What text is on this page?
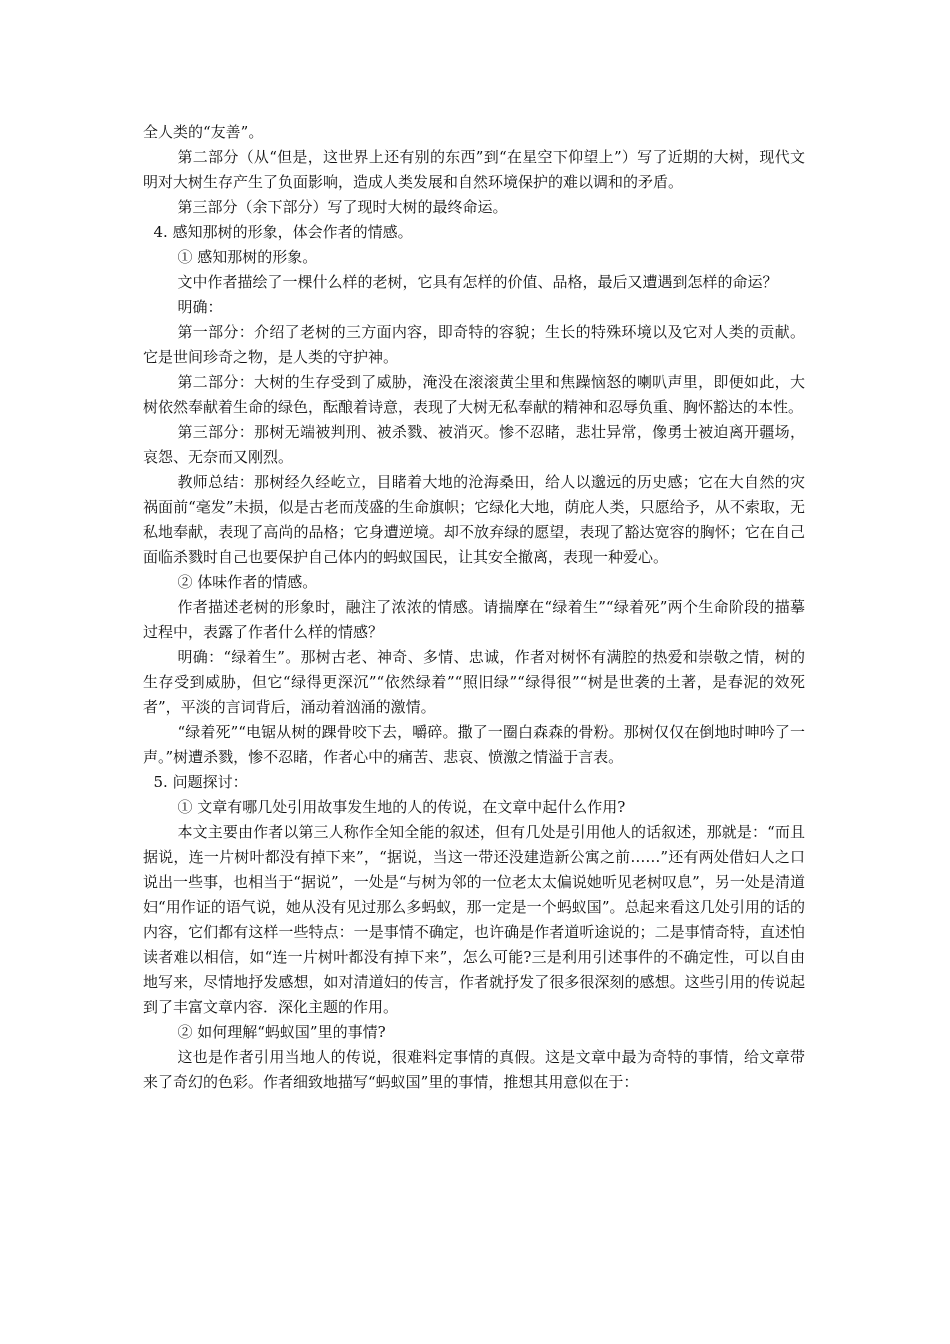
全人类的“友善”。

第二部分（从“但是，这世界上还有别的东西”到“在星空下仰望上”）写了近期的大树，现代文明对大树生存产生了负面影响，造成人类发展和自然环境保护的难以调和的矛盾。

第三部分（余下部分）写了现时大树的最终命运。

4. 感知那树的形象，体会作者的情感。

① 感知那树的形象。

文中作者描绘了一棵什么样的老树，它具有怎样的价值、品格，最后又遭遇到怎样的命运？

明确：

第一部分：介绍了老树的三方面内容，即奇特的容貌；生长的特殊环境以及它对人类的贡献。它是世间珍奇之物，是人类的守护神。

第二部分：大树的生存受到了威胁，淹没在滚滚黄尘里和焦躁恼怒的喇叭声里，即便如此，大树依然奉献着生命的绿色，酝酿着诗意，表现了大树无私奉献的精神和忍辱负重、胸怀豁达的本性。

第三部分：那树无端被判刑、被杀戮、被消灭。惨不忍睹，悲壮异常，像勇士被迫离开疆场，哀怨、无奈而又刚烈。

教师总结：那树经久经屹立，目睹着大地的沧海桑田，给人以邈远的历史感；它在大自然的灾祸面前“毫发”未损，似是古老而茂盛的生命旗帜；它绿化大地，荫庇人类，只愿给予，从不索取，无私地奉献，表现了高尚的品格；它身遭逆境。却不放弃绿的愿望，表现了豁达宽容的胸怀；它在自己面临杀戮时自己也要保护自己体内的蚂蚁国民，让其安全撤离，表现一种爱心。

② 体味作者的情感。

作者描述老树的形象时，融注了浓浓的情感。请揣摩在“绿着生”“绿着死”两个生命阶段的描摹过程中，表露了作者什么样的情感？

明确：“绿着生”。那树古老、神奇、多情、忠诚，作者对树怀有满腔的热爱和崇敬之情，树的生存受到威胁，但它“绿得更深沉”“依然绿着”“照旧绿”“绿得很”“树是世袭的土著，是春泥的效死者”，平淡的言词背后，涌动着汹涌的激情。

“绿着死”“电锯从树的踝骨咬下去，嚼碎。撒了一圈白森森的骨粉。那树仅仅在倒地时呻吟了一声。”树遭杀戮，惨不忍睹，作者心中的痛苦、悲哀、愤激之情溢于言表。

5. 问题探讨：

① 文章有哪几处引用故事发生地的人的传说，在文章中起什么作用?

本文主要由作者以第三人称作全知全能的叙述，但有几处是引用他人的话叙述，那就是：“而且据说，连一片树叶都没有掉下来”，“据说，当这一带还没建造新公寓之前……”还有两处借妇人之口说出一些事，也相当于“据说”，一处是“与树为邻的一位老太太偏说她听见老树叹息”，另一处是清道妇“用作证的语气说，她从没有见过那么多蚂蚁，那一定是一个蚂蚁国”。总起来看这几处引用的话的内容，它们都有这样一些特点：一是事情不确定，也许确是作者道听途说的；二是事情奇特，直述怕读者难以相信，如“连一片树叶都没有掉下来”，怎么可能?三是利用引述事件的不确定性，可以自由地写来，尽情地抒发感想，如对清道妇的传言，作者就抒发了很多很深刻的感想。这些引用的传说起到了丰富文章内容．深化主题的作用。

② 如何理解“蚂蚁国”里的事情?

这也是作者引用当地人的传说，很难料定事情的真假。这是文章中最为奇特的事情，给文章带来了奇幻的色彩。作者细致地描写“蚂蚁国”里的事情，推想其用意似在于：
